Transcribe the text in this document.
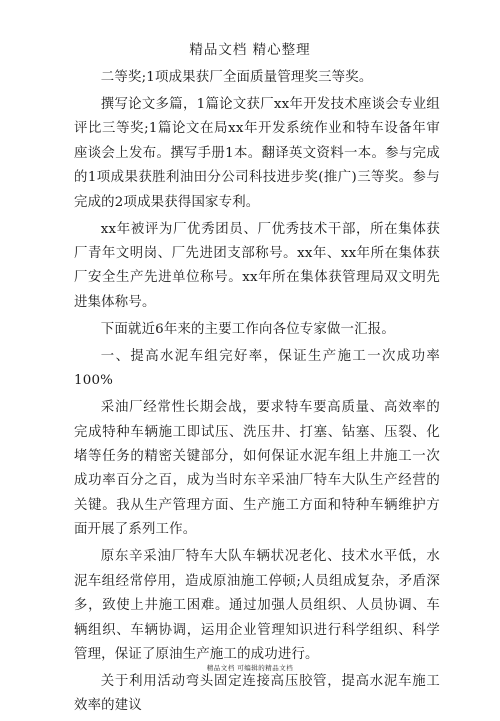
精品文档 精心整理

二等奖;1项成果获厂全面质量管理奖三等奖。

撰写论文多篇，1篇论文获厂xx年开发技术座谈会专业组评比三等奖;1篇论文在局xx年开发系统作业和特车设备年审座谈会上发布。撰写手册1本。翻译英文资料一本。参与完成的1项成果获胜利油田分公司科技进步奖(推广)三等奖。参与完成的2项成果获得国家专利。

xx年被评为厂优秀团员、厂优秀技术干部，所在集体获厂青年文明岗、厂先进团支部称号。xx年、xx年所在集体获厂安全生产先进单位称号。xx年所在集体获管理局双文明先进集体称号。

下面就近6年来的主要工作向各位专家做一汇报。

一、提高水泥车组完好率，保证生产施工一次成功率100%

采油厂经常性长期会战，要求特车要高质量、高效率的完成特种车辆施工即试压、洗压井、打塞、钻塞、压裂、化堵等任务的精密关键部分，如何保证水泥车组上井施工一次成功率百分之百，成为当时东辛采油厂特车大队生产经营的关键。我从生产管理方面、生产施工方面和特种车辆维护方面开展了系列工作。

原东辛采油厂特车大队车辆状况老化、技术水平低，水泥车组经常停用，造成原油施工停顿;人员组成复杂，矛盾深多，致使上井施工困难。通过加强人员组织、人员协调、车辆组织、车辆协调，运用企业管理知识进行科学组织、科学管理，保证了原油生产施工的成功进行。

关于利用活动弯头固定连接高压胶管，提高水泥车施工效率的建议

精品文档 可编辑的精品文档
